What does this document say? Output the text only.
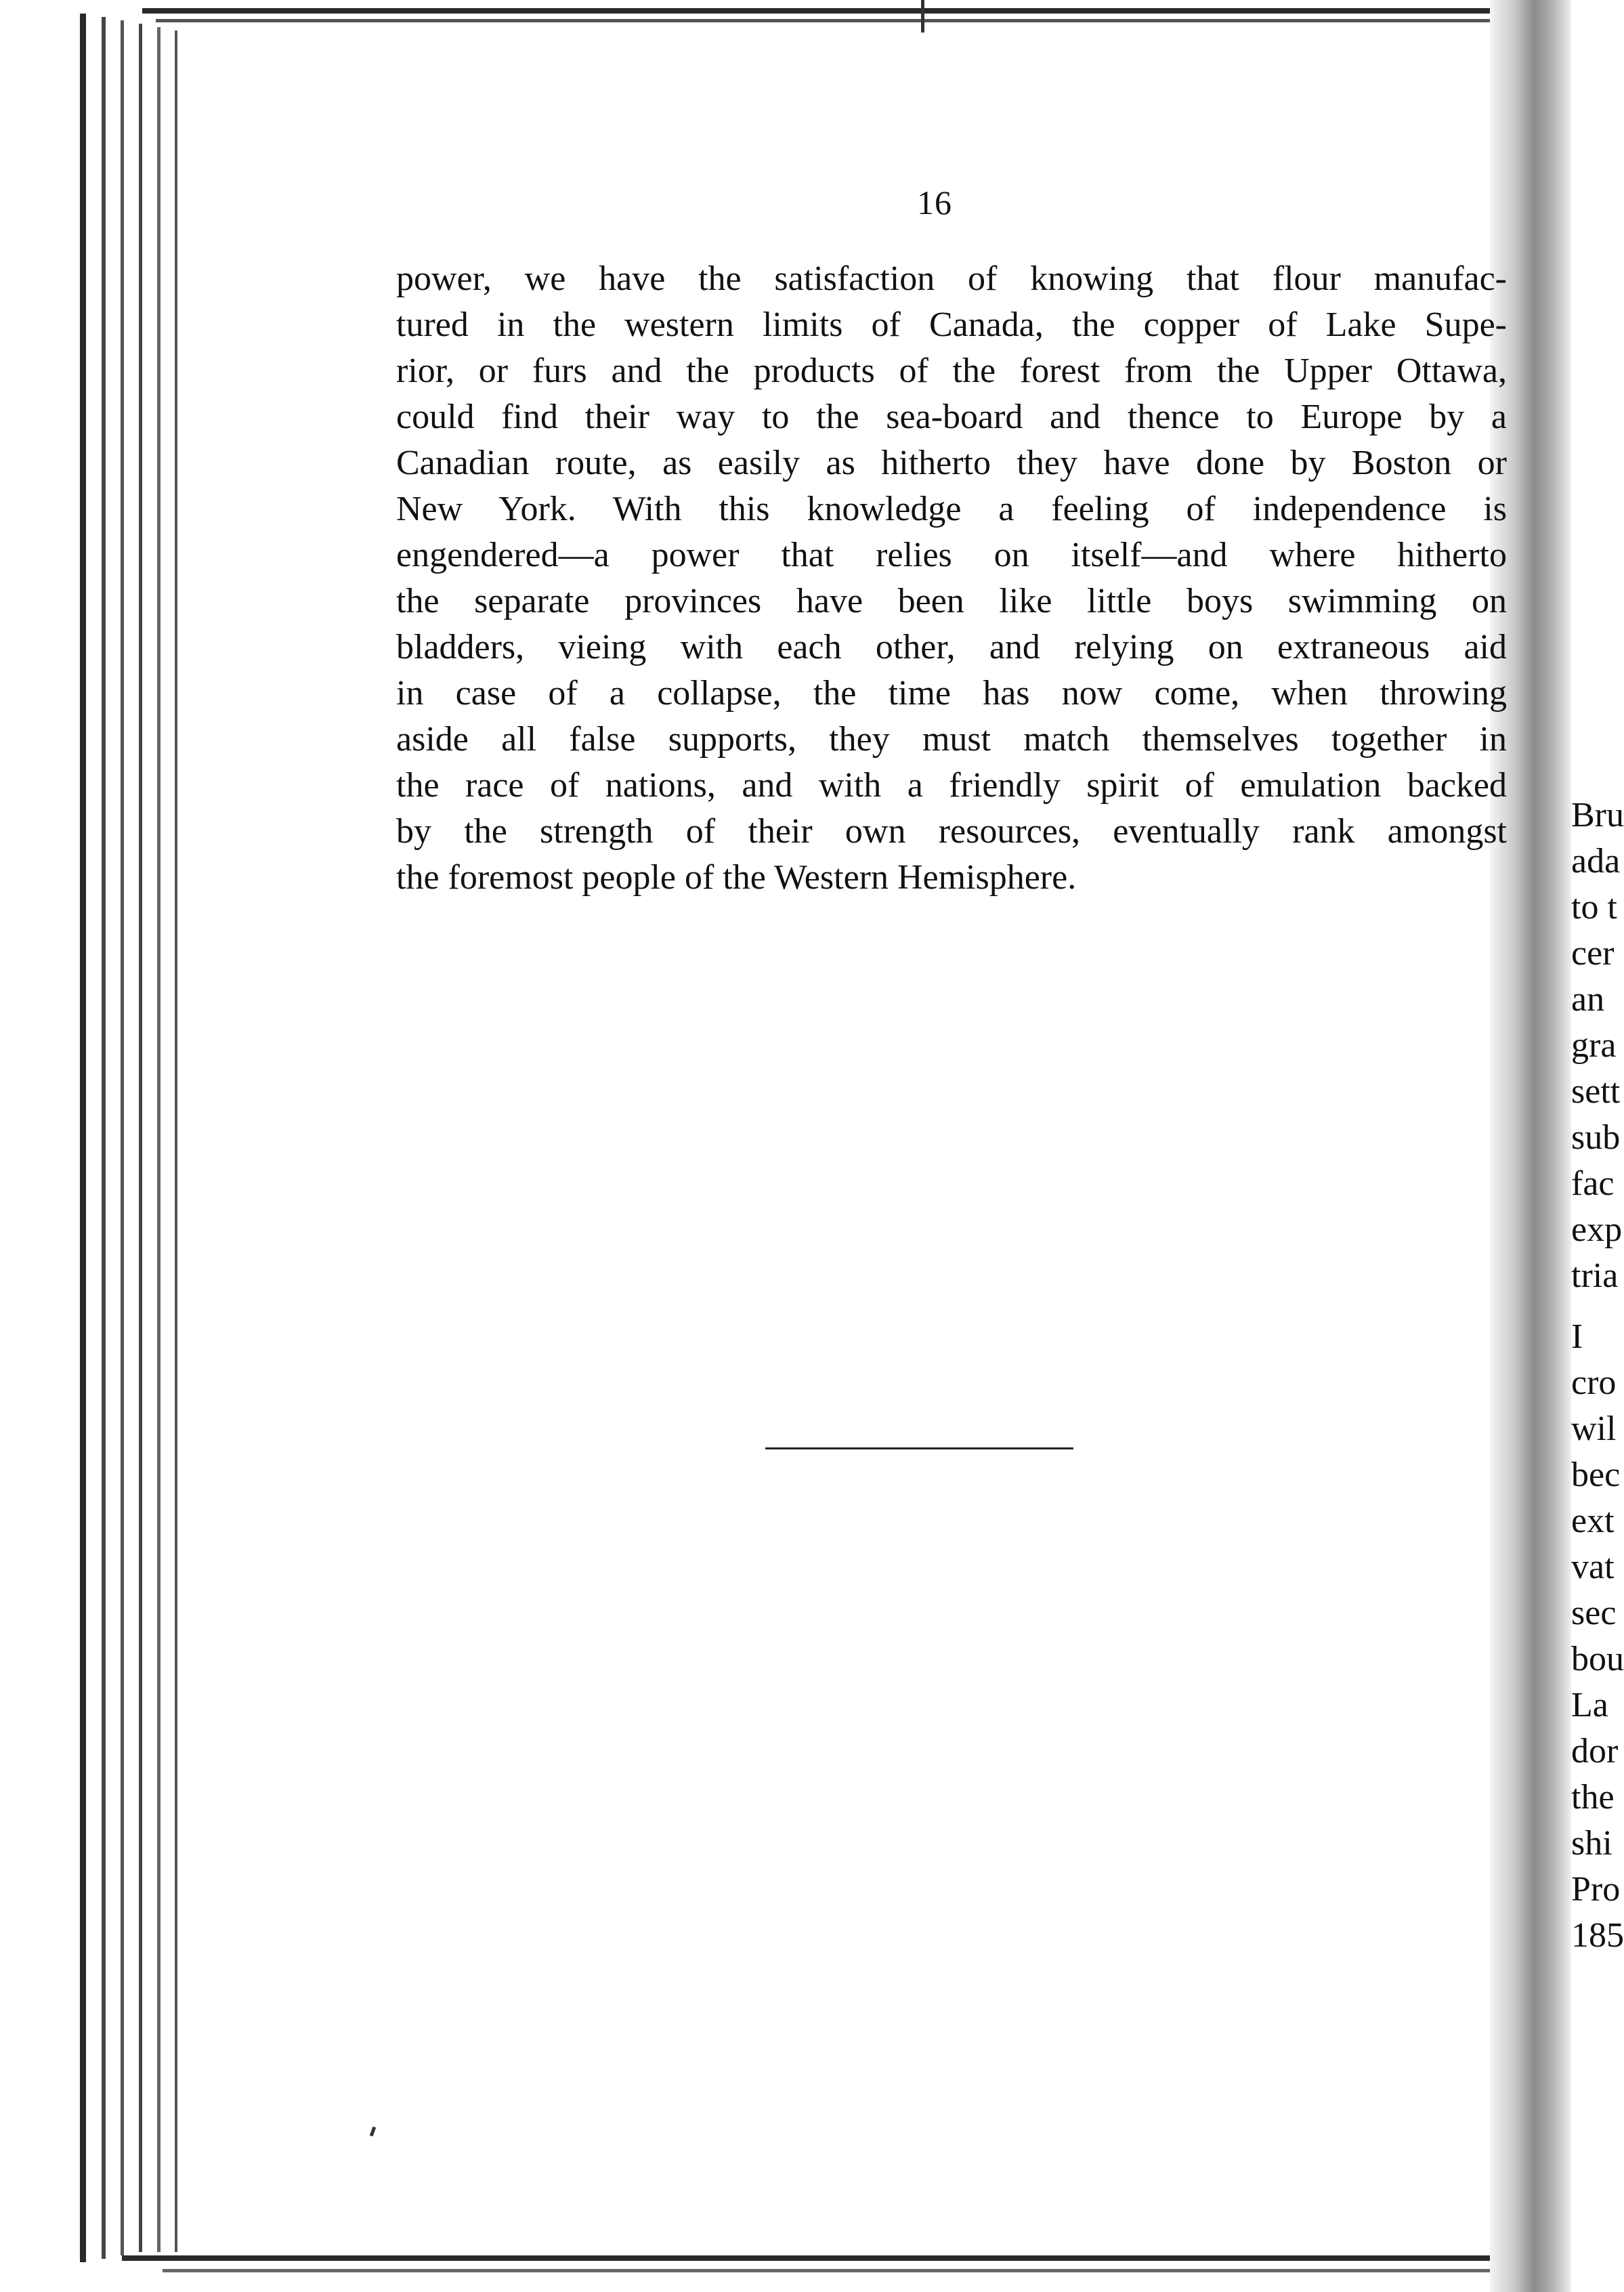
16

power, we have the satisfaction of knowing that flour manufac-
tured in the western limits of Canada, the copper of Lake Supe-
rior, or furs and the products of the forest from the Upper Ottawa,
could find their way to the sea-board and thence to Europe by a
Canadian route, as easily as hitherto they have done by Boston or
New York. With this knowledge a feeling of independence is
engendered—a power that relies on itself—and where hitherto
the separate provinces have been like little boys swimming on
bladders, vieing with each other, and relying on extraneous aid
in case of a collapse, the time has now come, when throwing
aside all false supports, they must match themselves together in
the race of nations, and with a friendly spirit of emulation backed
by the strength of their own resources, eventually rank amongst
the foremost people of the Western Hemisphere.

Bru
ada
to t
cer
an
gra
sett
sub
fac
exp
tria
I
cro
wil
bec
ext
vat
sec
bou
La
dor
the
shi
Pro
185
